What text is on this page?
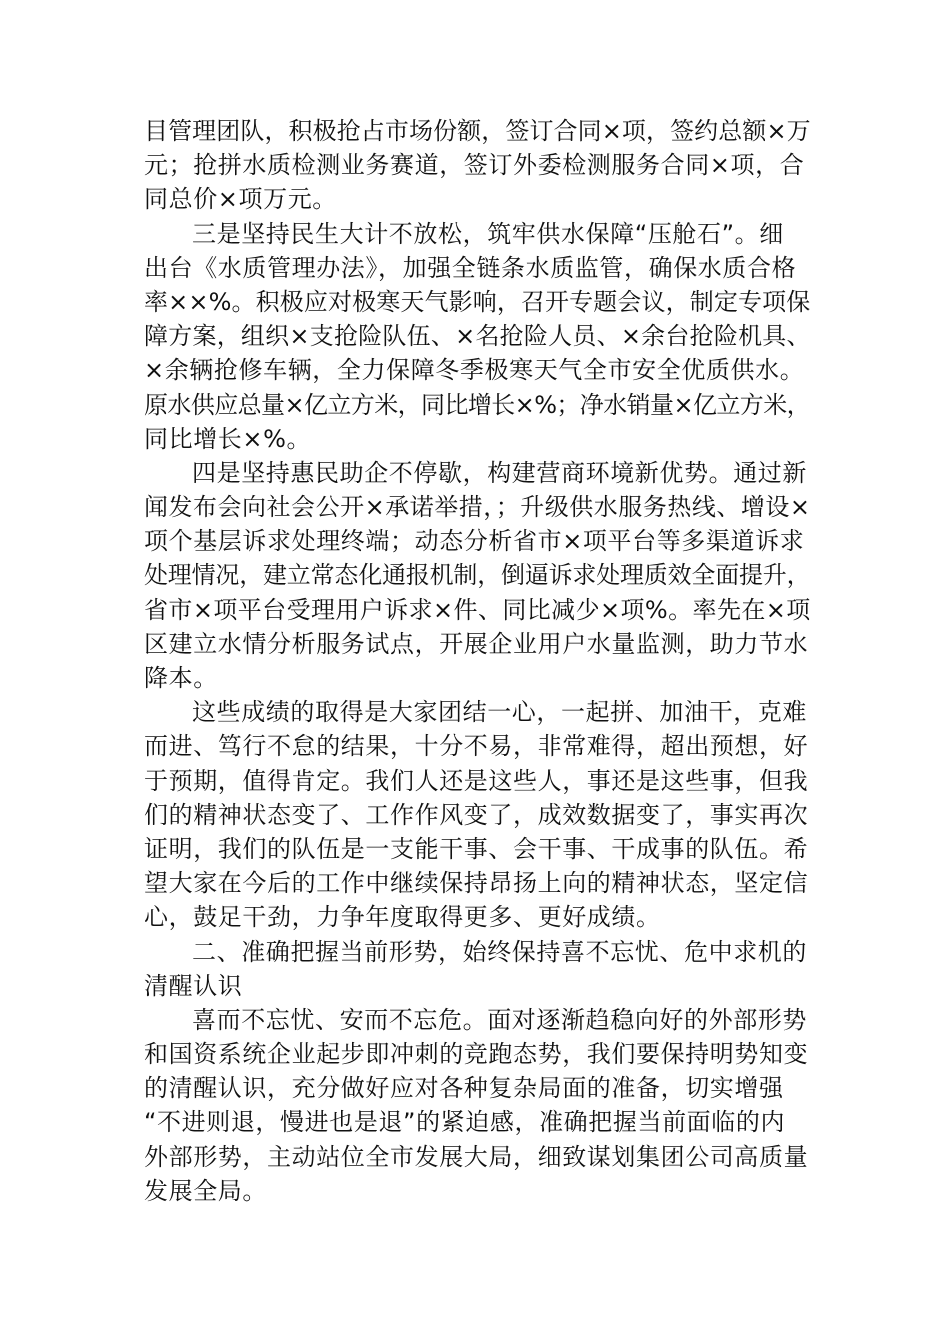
目管理团队，积极抢占市场份额，签订合同×项，签约总额×万
元；抢拼水质检测业务赛道，签订外委检测服务合同×项，合
同总价×项万元。
三是坚持民生大计不放松，筑牢供水保障“压舱石”。细
出台《水质管理办法》，加强全链条水质监管，确保水质合格
率××%。积极应对极寒天气影响，召开专题会议，制定专项保
障方案，组织×支抢险队伍、×名抢险人员、×余台抢险机具、
×余辆抢修车辆，全力保障冬季极寒天气全市安全优质供水。
原水供应总量×亿立方米，同比增长×%；净水销量×亿立方米，
同比增长×%。
四是坚持惠民助企不停歇，构建营商环境新优势。通过新
闻发布会向社会公开×承诺举措，；升级供水服务热线、增设×
项个基层诉求处理终端；动态分析省市×项平台等多渠道诉求
处理情况，建立常态化通报机制，倒逼诉求处理质效全面提升，
省市×项平台受理用户诉求×件、同比减少×项%。率先在×项
区建立水情分析服务试点，开展企业用户水量监测，助力节水
降本。
这些成绩的取得是大家团结一心，一起拼、加油干，克难
而进、笃行不怠的结果，十分不易，非常难得，超出预想，好
于预期，值得肯定。我们人还是这些人，事还是这些事，但我
们的精神状态变了、工作作风变了，成效数据变了，事实再次
证明，我们的队伍是一支能干事、会干事、干成事的队伍。希
望大家在今后的工作中继续保持昂扬上向的精神状态，坚定信
心，鼓足干劲，力争年度取得更多、更好成绩。
二、准确把握当前形势，始终保持喜不忘忧、危中求机的
清醒认识
喜而不忘忧、安而不忘危。面对逐渐趋稳向好的外部形势
和国资系统企业起步即冲刺的竞跑态势，我们要保持明势知变
的清醒认识，充分做好应对各种复杂局面的准备，切实增强
“不进则退，慢进也是退”的紧迫感，准确把握当前面临的内
外部形势，主动站位全市发展大局，细致谋划集团公司高质量
发展全局。
